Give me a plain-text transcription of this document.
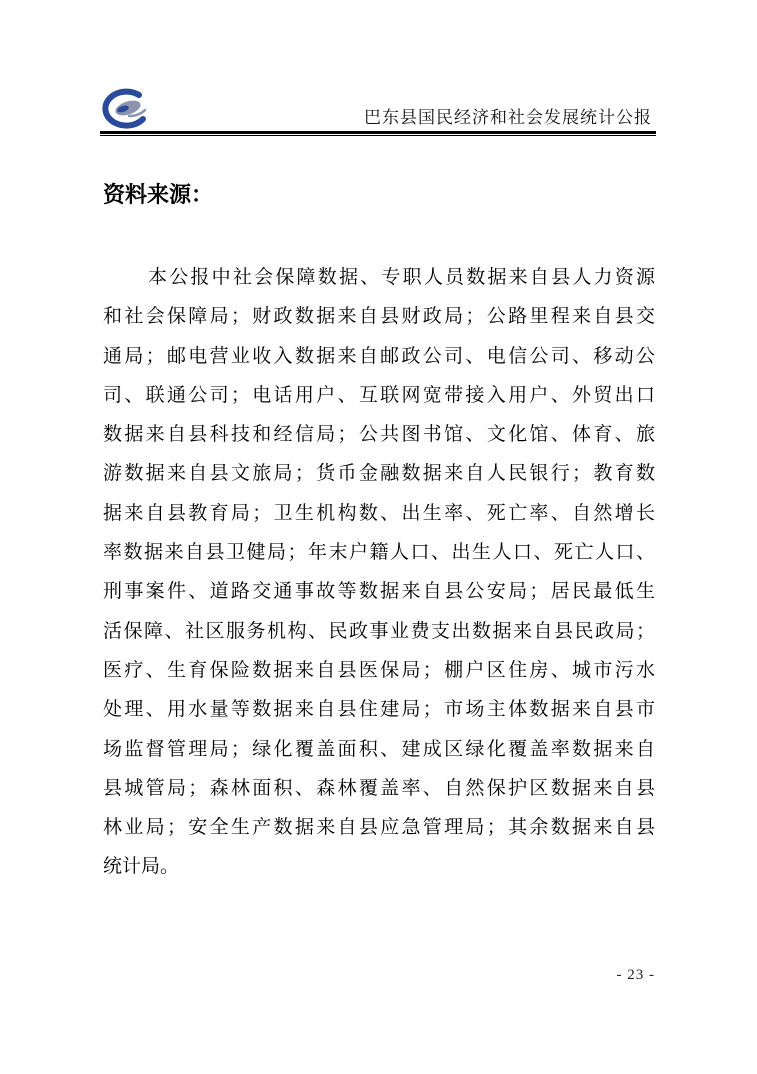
巴东县国民经济和社会发展统计公报
资料来源：
本公报中社会保障数据、专职人员数据来自县人力资源
和社会保障局；财政数据来自县财政局；公路里程来自县交
通局；邮电营业收入数据来自邮政公司、电信公司、移动公
司、联通公司；电话用户、互联网宽带接入用户、外贸出口
数据来自县科技和经信局；公共图书馆、文化馆、体育、旅
游数据来自县文旅局；货币金融数据来自人民银行；教育数
据来自县教育局；卫生机构数、出生率、死亡率、自然增长
率数据来自县卫健局；年末户籍人口、出生人口、死亡人口、
刑事案件、道路交通事故等数据来自县公安局；居民最低生
活保障、社区服务机构、民政事业费支出数据来自县民政局；
医疗、生育保险数据来自县医保局；棚户区住房、城市污水
处理、用水量等数据来自县住建局；市场主体数据来自县市
场监督管理局；绿化覆盖面积、建成区绿化覆盖率数据来自
县城管局；森林面积、森林覆盖率、自然保护区数据来自县
林业局；安全生产数据来自县应急管理局；其余数据来自县
统计局。
- 23 -
